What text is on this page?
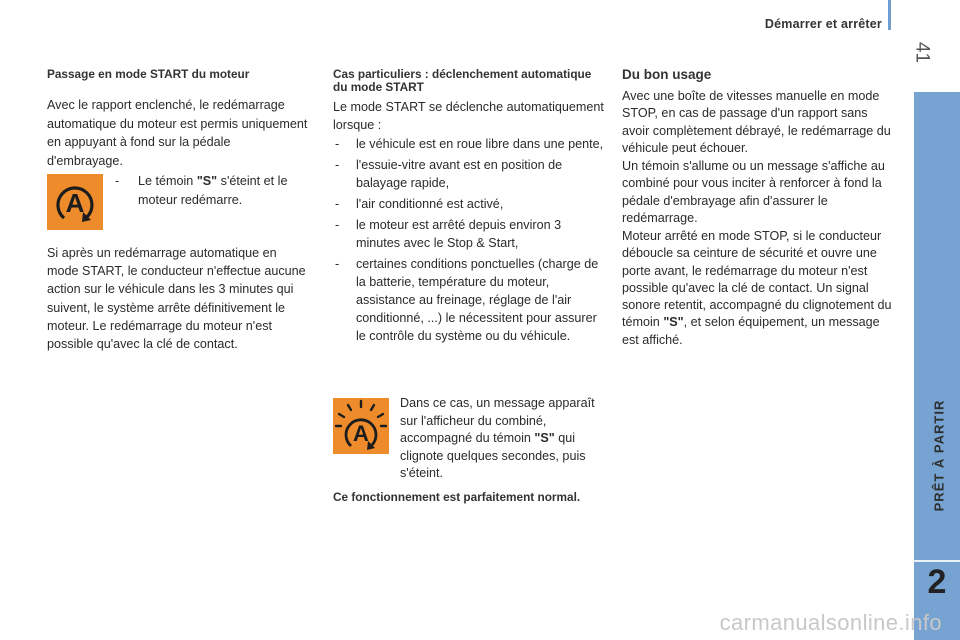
Démarrer et arrêter
41
PRÊT À PARTIR
2
Passage en mode START du moteur

Avec le rapport enclenché, le redémarrage automatique du moteur est permis uniquement en appuyant à fond sur la pédale d'embrayage.

A
- Le témoin "S" s'éteint et le moteur redémarre.

Si après un redémarrage automatique en mode START, le conducteur n'effectue aucune action sur le véhicule dans les 3 minutes qui suivent, le système arrête définitivement le moteur. Le redémarrage du moteur n'est possible qu'avec la clé de contact.

Cas particuliers : déclenchement automatique du mode START

Le mode START se déclenche automatiquement lorsque :

- le véhicule est en roue libre dans une pente,
- l'essuie-vitre avant est en position de balayage rapide,
- l'air conditionné est activé,
- le moteur est arrêté depuis environ 3 minutes avec le Stop & Start,
- certaines conditions ponctuelles (charge de la batterie, température du moteur, assistance au freinage, réglage de l'air conditionné, ...) le nécessitent pour assurer le contrôle du système ou du véhicule.
A

Dans ce cas, un message apparaît sur l'afficheur du combiné, accompagné du témoin "S" qui clignote quelques secondes, puis s'éteint.

Ce fonctionnement est parfaitement normal.

Du bon usage

Avec une boîte de vitesses manuelle en mode STOP, en cas de passage d'un rapport sans avoir complètement débrayé, le redémarrage du véhicule peut échouer.

Un témoin s'allume ou un message s'affiche au combiné pour vous inciter à renforcer à fond la pédale d'embrayage afin d'assurer le redémarrage.

Moteur arrêté en mode STOP, si le conducteur déboucle sa ceinture de sécurité et ouvre une porte avant, le redémarrage du moteur n'est possible qu'avec la clé de contact. Un signal sonore retentit, accompagné du clignotement du témoin "S", et selon équipement, un message est affiché.

carmanualsonline.info
